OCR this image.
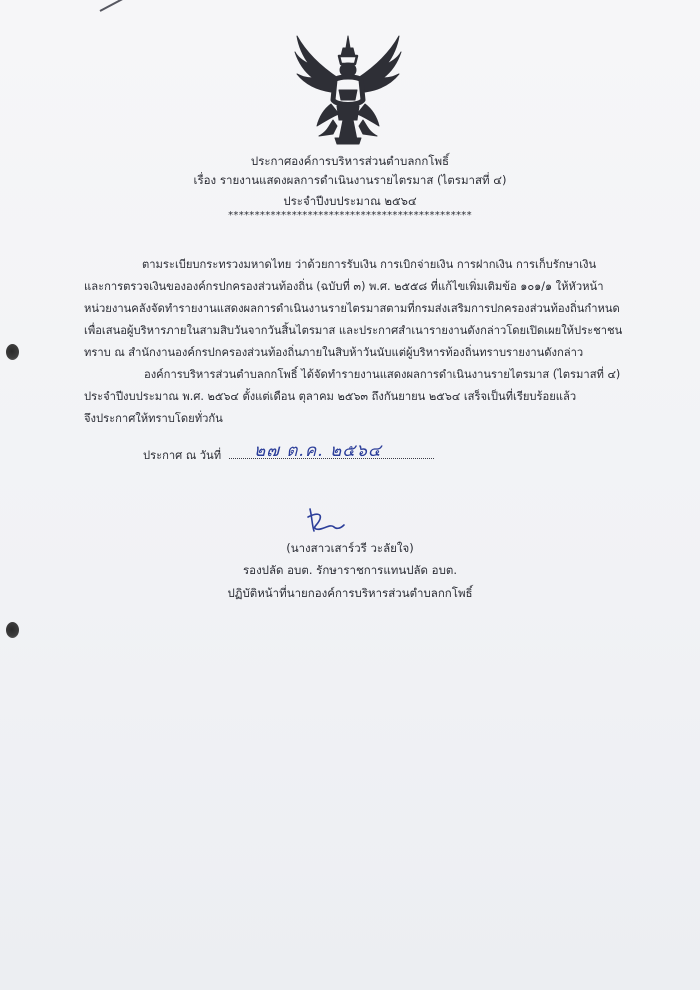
ประกาศองค์การบริหารส่วนตำบลกกโพธิ์
เรื่อง รายงานแสดงผลการดำเนินงานรายไตรมาส (ไตรมาสที่ ๔)
ประจำปีงบประมาณ ๒๕๖๔
**********************************************
ตามระเบียบกระทรวงมหาดไทย ว่าด้วยการรับเงิน การเบิกจ่ายเงิน การฝากเงิน การเก็บรักษาเงิน
และการตรวจเงินขององค์กรปกครองส่วนท้องถิ่น (ฉบับที่ ๓) พ.ศ. ๒๕๕๘ ที่แก้ไขเพิ่มเติมข้อ ๑๐๑/๑ ให้หัวหน้า
หน่วยงานคลังจัดทำรายงานแสดงผลการดำเนินงานรายไตรมาสตามที่กรมส่งเสริมการปกครองส่วนท้องถิ่นกำหนด
เพื่อเสนอผู้บริหารภายในสามสิบวันจากวันสิ้นไตรมาส และประกาศสำเนารายงานดังกล่าวโดยเปิดเผยให้ประชาชน
ทราบ ณ สำนักงานองค์กรปกครองส่วนท้องถิ่นภายในสิบห้าวันนับแต่ผู้บริหารท้องถิ่นทราบรายงานดังกล่าว
องค์การบริหารส่วนตำบลกกโพธิ์ ได้จัดทำรายงานแสดงผลการดำเนินงานรายไตรมาส (ไตรมาสที่ ๔)
ประจำปีงบประมาณ พ.ศ. ๒๕๖๔ ตั้งแต่เดือน ตุลาคม ๒๕๖๓ ถึงกันยายน ๒๕๖๔ เสร็จเป็นที่เรียบร้อยแล้ว
จึงประกาศให้ทราบโดยทั่วกัน
ประกาศ ณ วันที่ ๒๗ ต.ค. ๒๕๖๔
(นางสาวเสาร์วรี วะลัยใจ)
รองปลัด อบต. รักษาราชการแทนปลัด อบต.
ปฏิบัติหน้าที่นายกองค์การบริหารส่วนตำบลกกโพธิ์
